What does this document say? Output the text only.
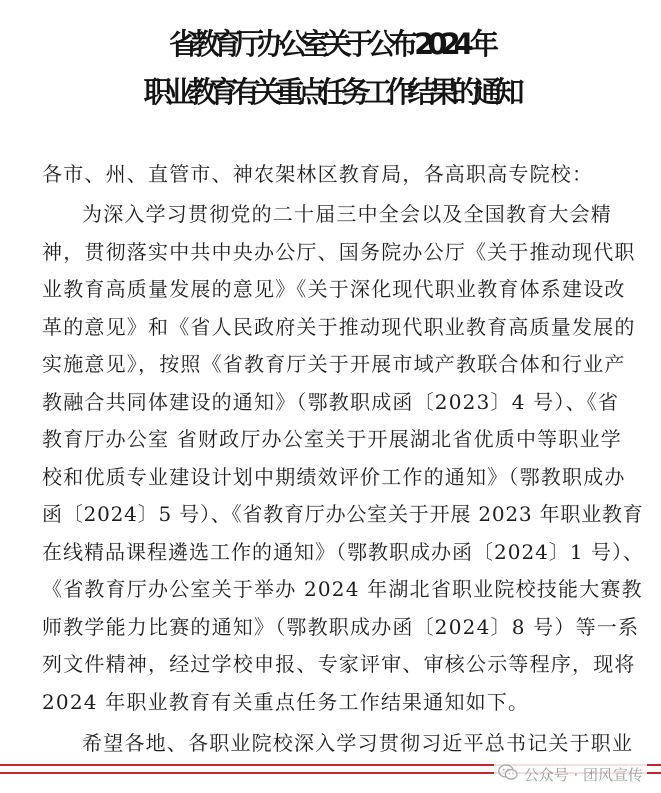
省教育厅办公室关于公布 2024 年
职业教育有关重点任务工作结果的通知
各市、州、直管市、神农架林区教育局，各高职高专院校：
为深入学习贯彻党的二十届三中全会以及全国教育大会精
神，贯彻落实中共中央办公厅、国务院办公厅《关于推动现代职
业教育高质量发展的意见》《关于深化现代职业教育体系建设改
革的意见》和《省人民政府关于推动现代职业教育高质量发展的
实施意见》，按照《省教育厅关于开展市域产教联合体和行业产
教融合共同体建设的通知》（鄂教职成函〔2023〕4 号）、《省
教育厅办公室 省财政厅办公室关于开展湖北省优质中等职业学
校和优质专业建设计划中期绩效评价工作的通知》（鄂教职成办
函〔2024〕5 号）、《省教育厅办公室关于开展 2023 年职业教育
在线精品课程遴选工作的通知》（鄂教职成办函〔2024〕1 号）、
《省教育厅办公室关于举办 2024 年湖北省职业院校技能大赛教
师教学能力比赛的通知》（鄂教职成办函〔2024〕8 号）等一系
列文件精神，经过学校申报、专家评审、审核公示等程序，现将
2024 年职业教育有关重点任务工作结果通知如下。
希望各地、各职业院校深入学习贯彻习近平总书记关于职业
公众号 · 团风宣传
